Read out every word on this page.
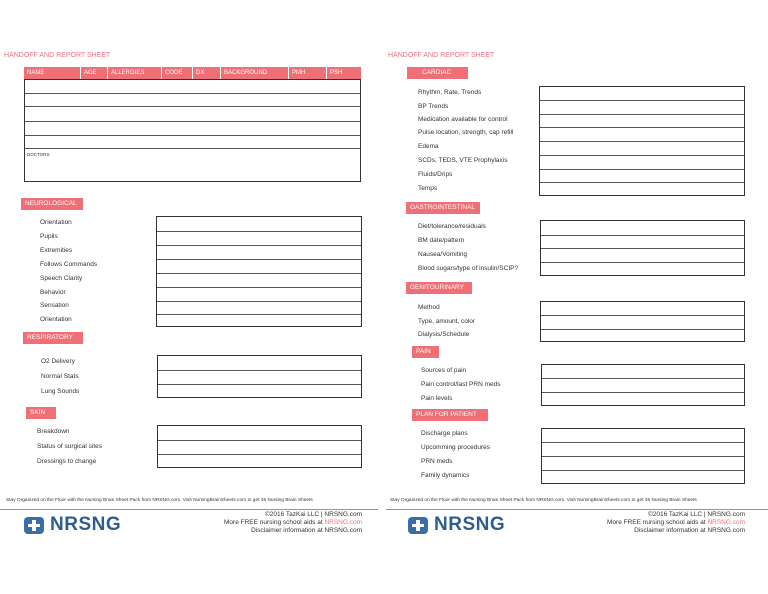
HANDOFF AND REPORT SHEET
NAME	AGE	ALLERGIES	CODE	DX	BACKGROUND	PMH	PSH
DOCTORS:
NEUROLOGICAL
Orientation
Pupils
Extremities
Follows Commands
Speech Clarity
Behavior
Sensation
Orientation
RESPIRATORY
O2 Delivery
Normal Stats
Lung Sounds
SKIN
Breakdown
Status of surgical sites
Dressings to change
Stay Organized on the Floor with the Nursing Brain Sheet Pack from NRSNG.com. Visit NursingBrainSheets.com to get 35 Nursing Brain Sheets
NRSNG	©2016 TazKai LLC | NRSNG.com
More FREE nursing school aids at NRSNG.com
Disclaimer information at NRSNG.com
HANDOFF AND REPORT SHEET
CARDIAC
Rhythm, Rate, Trends
BP Trends
Medication available for control
Pulse location, strength, cap refill
Edema
SCDs, TEDS, VTE Prophylaxis
Fluids/Drips
Temps
GASTROINTESTINAL
Diet/tolerance/residuals
BM date/pattern
Nausea/Vomiting
Blood sugars/type of insulin/SCIP?
GENITOURINARY
Method
Type, amount, color
Dialysis/Schedule
PAIN
Sources of pain
Pain control/last PRN meds
Pain levels
PLAN FOR PATIENT
Discharge plans
Upcomming procedures
PRN meds
Family dynamics
Stay Organized on the Floor with the Nursing Brain Sheet Pack from NRSNG.com. Visit NursingBrainSheets.com to get 35 Nursing Brain Sheets
NRSNG	©2016 TazKai LLC | NRSNG.com
More FREE nursing school aids at NRSNG.com
Disclaimer information at NRSNG.com
